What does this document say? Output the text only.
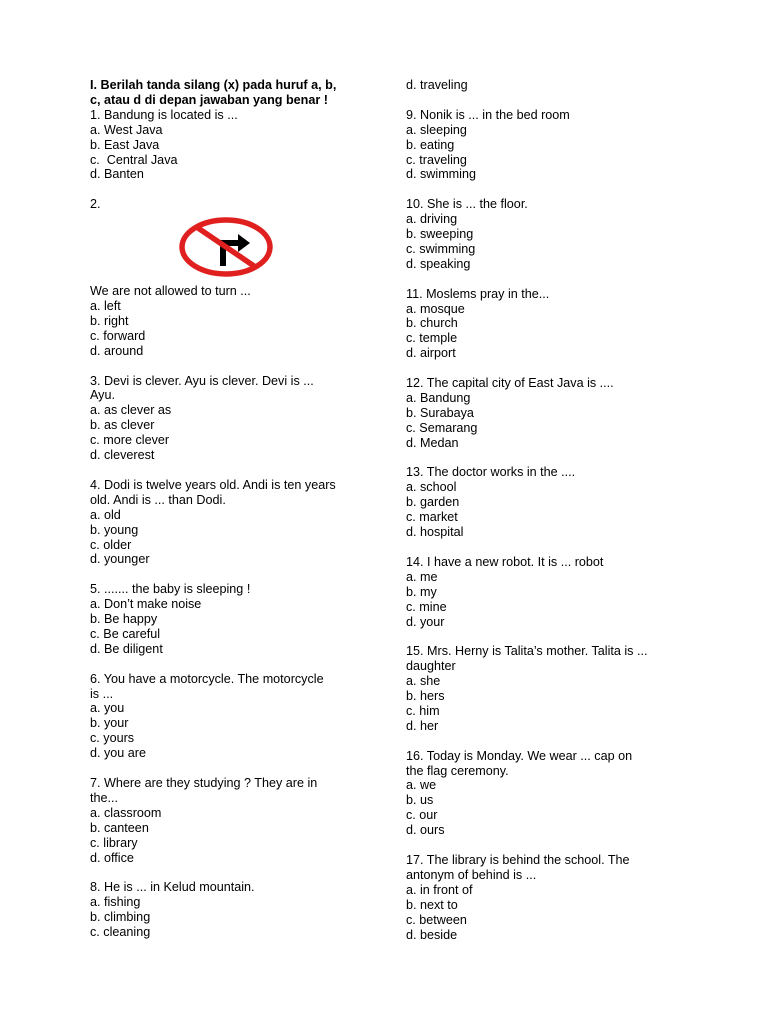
I. Berilah tanda silang (x) pada huruf a, b,
c, atau d di depan jawaban yang benar !
1. Bandung is located is ...
a. West Java
b. East Java
c.  Central Java
d. Banten
2.
We are not allowed to turn ...
a. left
b. right
c. forward
d. around
3. Devi is clever. Ayu is clever. Devi is ...
Ayu.
a. as clever as
b. as clever
c. more clever
d. cleverest
4. Dodi is twelve years old. Andi is ten years
old. Andi is ... than Dodi.
a. old
b. young
c. older
d. younger
5. ....... the baby is sleeping !
a. Don’t make noise
b. Be happy
c. Be careful
d. Be diligent
6. You have a motorcycle. The motorcycle
is ...
a. you
b. your
c. yours
d. you are
7. Where are they studying ? They are in
the...
a. classroom
b. canteen
c. library
d. office
8. He is ... in Kelud mountain.
a. fishing
b. climbing
c. cleaning
d. traveling
9. Nonik is ... in the bed room
a. sleeping
b. eating
c. traveling
d. swimming
10. She is ... the floor.
a. driving
b. sweeping
c. swimming
d. speaking
11. Moslems pray in the...
a. mosque
b. church
c. temple
d. airport
12. The capital city of East Java is ....
a. Bandung
b. Surabaya
c. Semarang
d. Medan
13. The doctor works in the ....
a. school
b. garden
c. market
d. hospital
14. I have a new robot. It is ... robot
a. me
b. my
c. mine
d. your
15. Mrs. Herny is Talita’s mother. Talita is ...
daughter
a. she
b. hers
c. him
d. her
16. Today is Monday. We wear ... cap on
the flag ceremony.
a. we
b. us
c. our
d. ours
17. The library is behind the school. The
antonym of behind is ...
a. in front of
b. next to
c. between
d. beside
